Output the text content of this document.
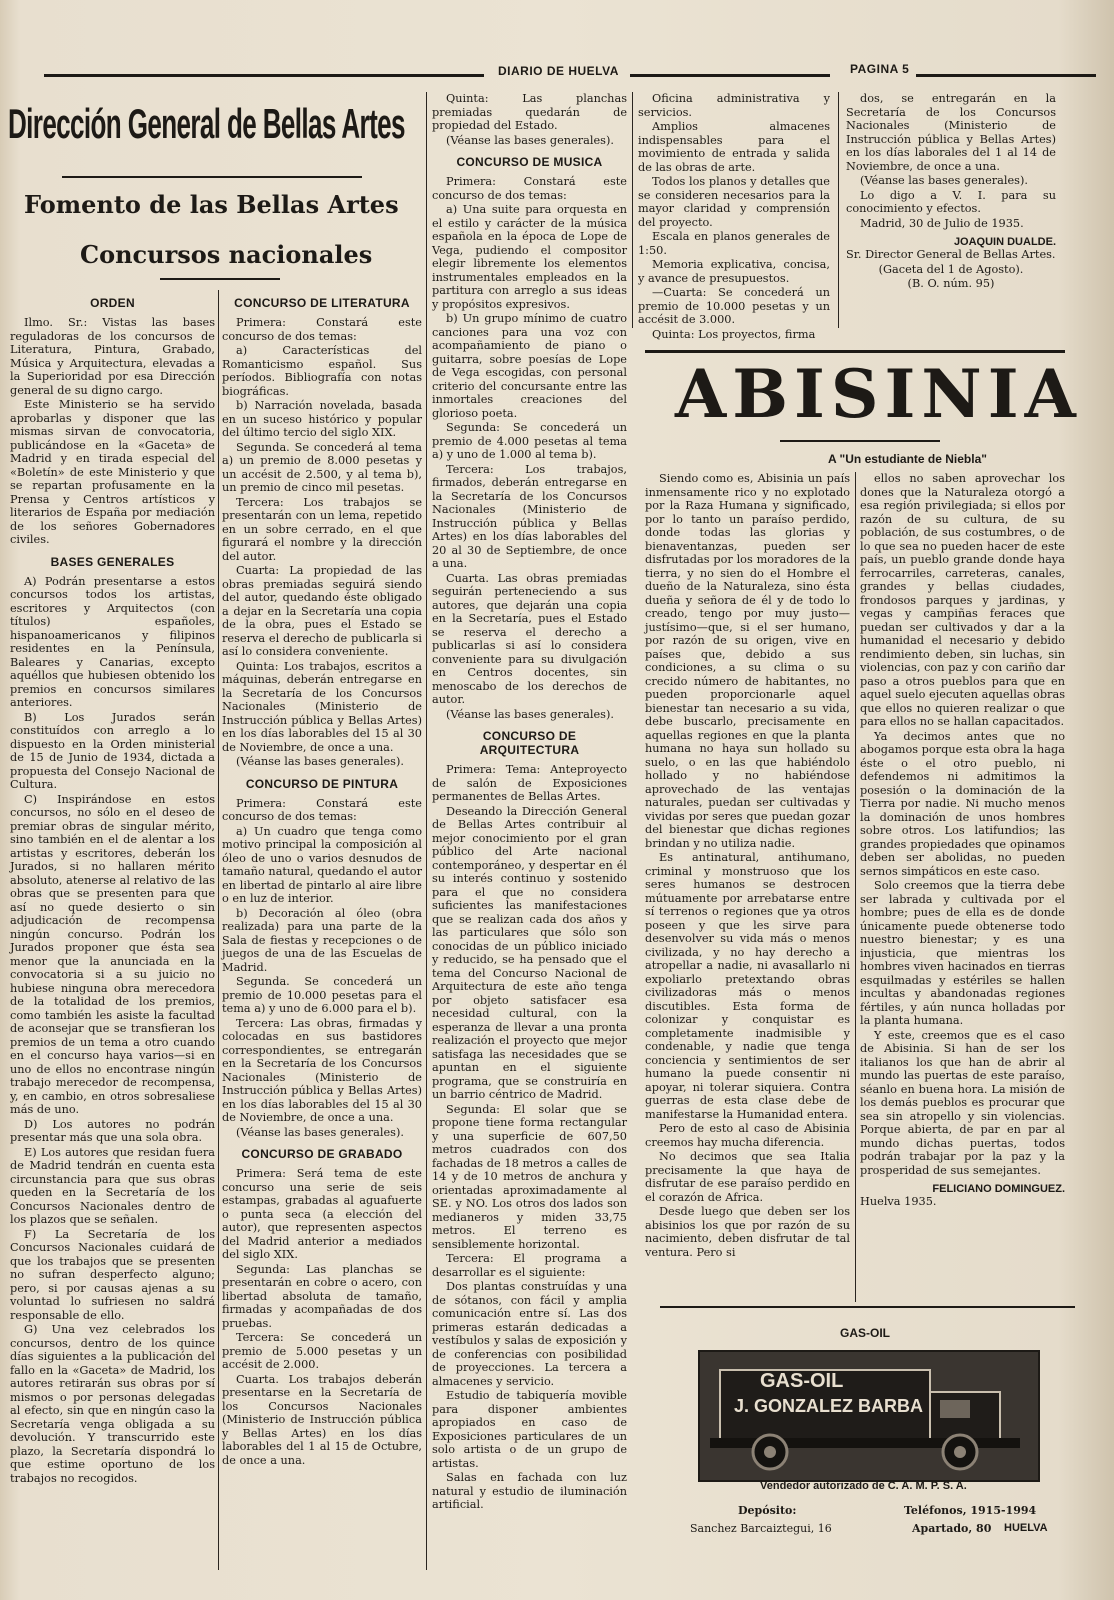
DIARIO DE HUELVA	PAGINA 5
Dirección General de Bellas Artes
Fomento de las Bellas Artes
Concursos nacionales
ORDEN

Ilmo. Sr.: Vistas las bases reguladoras de los concursos de Literatura, Pintura, Grabado, Música y Arquitectura, elevadas a la Superioridad por esa Dirección general de su digno cargo.

Este Ministerio se ha servido aprobarlas y disponer que las mismas sirvan de convocatoria, publicándose en la «Gaceta» de Madrid y en tirada especial del «Boletín» de este Ministerio y que se repartan profusamente en la Prensa y Centros artísticos y literarios de España por mediación de los señores Gobernadores civiles.

BASES GENERALES

A) Podrán presentarse a estos concursos todos los artistas, escritores y Arquitectos (con títulos) españoles, hispanoamericanos y filipinos residentes en la Península, Baleares y Canarias, excepto aquéllos que hubiesen obtenido los premios en concursos similares anteriores.

B) Los Jurados serán constituídos con arreglo a lo dispuesto en la Orden ministerial de 15 de Junio de 1934, dictada a propuesta del Consejo Nacional de Cultura.

C) Inspirándose en estos concursos, no sólo en el deseo de premiar obras de singular mérito, sino también en el de alentar a los artistas y escritores, deberán los Jurados, si no hallaren mérito absoluto, atenerse al relativo de las obras que se presenten para que así no quede desierto o sin adjudicación de recompensa ningún concurso. Podrán los Jurados proponer que ésta sea menor que la anunciada en la convocatoria si a su juicio no hubiese ninguna obra merecedora de la totalidad de los premios, como también les asiste la facultad de aconsejar que se transfieran los premios de un tema a otro cuando en el concurso haya varios—si en uno de ellos no encontrase ningún trabajo merecedor de recompensa, y, en cambio, en otros sobresaliese más de uno.

D) Los autores no podrán presentar más que una sola obra.

E) Los autores que residan fuera de Madrid tendrán en cuenta esta circunstancia para que sus obras queden en la Secretaría de los Concursos Nacionales dentro de los plazos que se señalen.

F) La Secretaría de los Concursos Nacionales cuidará de que los trabajos que se presenten no sufran desperfecto alguno; pero, si por causas ajenas a su voluntad lo sufriesen no saldrá responsable de ello.

G) Una vez celebrados los concursos, dentro de los quince días siguientes a la publicación del fallo en la «Gaceta» de Madrid, los autores retirarán sus obras por sí mismos o por personas delegadas al efecto, sin que en ningún caso la Secretaría venga obligada a su devolución. Y transcurrido este plazo, la Secretaría dispondrá lo que estime oportuno de los trabajos no recogidos.

CONCURSO DE LITERATURA

Primera: Constará este concurso de dos temas:

a) Características del Romanticismo español. Sus períodos. Bibliografía con notas biográficas.

b) Narración novelada, basada en un suceso histórico y popular del último tercio del siglo XIX.

Segunda. Se concederá al tema a) un premio de 8.000 pesetas y un accésit de 2.500, y al tema b), un premio de cinco mil pesetas.

Tercera: Los trabajos se presentarán con un lema, repetido en un sobre cerrado, en el que figurará el nombre y la dirección del autor.

Cuarta: La propiedad de las obras premiadas seguirá siendo del autor, quedando éste obligado a dejar en la Secretaría una copia de la obra, pues el Estado se reserva el derecho de publicarla si así lo considera conveniente.

Quinta: Los trabajos, escritos a máquinas, deberán entregarse en la Secretaría de los Concursos Nacionales (Ministerio de Instrucción pública y Bellas Artes) en los días laborables del 15 al 30 de Noviembre, de once a una.

(Véanse las bases generales).

CONCURSO DE PINTURA

Primera: Constará este concurso de dos temas:

a) Un cuadro que tenga como motivo principal la composición al óleo de uno o varios desnudos de tamaño natural, quedando el autor en libertad de pintarlo al aire libre o en luz de interior.

b) Decoración al óleo (obra realizada) para una parte de la Sala de fiestas y recepciones o de juegos de una de las Escuelas de Madrid.

Segunda. Se concederá un premio de 10.000 pesetas para el tema a) y uno de 6.000 para el b).

Tercera: Las obras, firmadas y colocadas en sus bastidores correspondientes, se entregarán en la Secretaría de los Concursos Nacionales (Ministerio de Instrucción pública y Bellas Artes) en los días laborables del 15 al 30 de Noviembre, de once a una.

(Véanse las bases generales).

CONCURSO DE GRABADO

Primera: Será tema de este concurso una serie de seis estampas, grabadas al aguafuerte o punta seca (a elección del autor), que representen aspectos del Madrid anterior a mediados del siglo XIX.

Segunda: Las planchas se presentarán en cobre o acero, con libertad absoluta de tamaño, firmadas y acompañadas de dos pruebas.

Tercera: Se concederá un premio de 5.000 pesetas y un accésit de 2.000.

Cuarta. Los trabajos deberán presentarse en la Secretaría de los Concursos Nacionales (Ministerio de Instrucción pública y Bellas Artes) en los días laborables del 1 al 15 de Octubre, de once a una.

Quinta: Las planchas premiadas quedarán de propiedad del Estado.

(Véanse las bases generales).

CONCURSO DE MUSICA

Primera: Constará este concurso de dos temas:

a) Una suite para orquesta en el estilo y carácter de la música española en la época de Lope de Vega, pudiendo el compositor elegir libremente los elementos instrumentales empleados en la partitura con arreglo a sus ideas y propósitos expresivos.

b) Un grupo mínimo de cuatro canciones para una voz con acompañamiento de piano o guitarra, sobre poesías de Lope de Vega escogidas, con personal criterio del concursante entre las inmortales creaciones del glorioso poeta.

Segunda: Se concederá un premio de 4.000 pesetas al tema a) y uno de 1.000 al tema b).

Tercera: Los trabajos, firmados, deberán entregarse en la Secretaría de los Concursos Nacionales (Ministerio de Instrucción pública y Bellas Artes) en los días laborables del 20 al 30 de Septiembre, de once a una.

Cuarta. Las obras premiadas seguirán perteneciendo a sus autores, que dejarán una copia en la Secretaría, pues el Estado se reserva el derecho a publicarlas si así lo considera conveniente para su divulgación en Centros docentes, sin menoscabo de los derechos de autor.

(Véanse las bases generales).

CONCURSO DE ARQUITECTURA

Primera: Tema: Anteproyecto de salón de Exposiciones permanentes de Bellas Artes.

Deseando la Dirección General de Bellas Artes contribuir al mejor conocimiento por el gran público del Arte nacional contemporáneo, y despertar en él su interés continuo y sostenido para el que no considera suficientes las manifestaciones que se realizan cada dos años y las particulares que sólo son conocidas de un público iniciado y reducido, se ha pensado que el tema del Concurso Nacional de Arquitectura de este año tenga por objeto satisfacer esa necesidad cultural, con la esperanza de llevar a una pronta realización el proyecto que mejor satisfaga las necesidades que se apuntan en el siguiente programa, que se construiría en un barrio céntrico de Madrid.

Segunda: El solar que se propone tiene forma rectangular y una superficie de 607,50 metros cuadrados con dos fachadas de 18 metros a calles de 14 y de 10 metros de anchura y orientadas aproximadamente al SE. y NO. Los otros dos lados son medianeros y miden 33,75 metros. El terreno es sensiblemente horizontal.

Tercera: El programa a desarrollar es el siguiente:

Dos plantas construídas y una de sótanos, con fácil y amplia comunicación entre sí. Las dos primeras estarán dedicadas a vestíbulos y salas de exposición y de conferencias con posibilidad de proyecciones. La tercera a almacenes y servicio.

Estudio de tabiquería movible para disponer ambientes apropiados en caso de Exposiciones particulares de un solo artista o de un grupo de artistas.

Salas en fachada con luz natural y estudio de iluminación artificial.

Oficina administrativa y servicios.

Amplios almacenes indispensables para el movimiento de entrada y salida de las obras de arte.

Todos los planos y detalles que se consideren necesarios para la mayor claridad y comprensión del proyecto.

Escala en planos generales de 1:50.

Memoria explicativa, concisa, y avance de presupuestos.

—Cuarta: Se concederá un premio de 10.000 pesetas y un accésit de 3.000.

Quinta: Los proyectos, firma

dos, se entregarán en la Secretaría de los Concursos Nacionales (Ministerio de Instrucción pública y Bellas Artes) en los días laborales del 1 al 14 de Noviembre, de once a una.

(Véanse las bases generales).

Lo digo a V. I. para su conocimiento y efectos.

Madrid, 30 de Julio de 1935.

JOAQUIN DUALDE.

Sr. Director General de Bellas Artes.

(Gaceta del 1 de Agosto).

(B. O. núm. 95)

ABISINIA
A "Un estudiante de Niebla"

Siendo como es, Abisinia un país inmensamente rico y no explotado por la Raza Humana y significado, por lo tanto un paraíso perdido, donde todas las glorias y bienaventanzas, pueden ser disfrutadas por los moradores de la tierra, y no sien do el Hombre el dueño de la Naturaleza, sino ésta dueña y señora de él y de todo lo creado, tengo por muy justo—justísimo—que, si el ser humano, por razón de su origen, vive en países que, debido a sus condiciones, a su clima o su crecido número de habitantes, no pueden proporcionarle aquel bienestar tan necesario a su vida, debe buscarlo, precisamente en aquellas regiones en que la planta humana no haya sun hollado su suelo, o en las que habiéndolo hollado y no habiéndose aprovechado de las ventajas naturales, puedan ser cultivadas y vividas por seres que puedan gozar del bienestar que dichas regiones brindan y no utiliza nadie.

Es antinatural, antihumano, criminal y monstruoso que los seres humanos se destrocen mútuamente por arrebatarse entre sí terrenos o regiones que ya otros poseen y que les sirve para desenvolver su vida más o menos civilizada, y no hay derecho a atropellar a nadie, ni avasallarlo ni expoliarlo pretextando obras civilizadoras más o menos discutibles. Esta forma de colonizar y conquistar es completamente inadmisible y condenable, y nadie que tenga conciencia y sentimientos de ser humano la puede consentir ni apoyar, ni tolerar siquiera. Contra guerras de esta clase debe de manifestarse la Humanidad entera.

Pero de esto al caso de Abisinia creemos hay mucha diferencia.

No decimos que sea Italia precisamente la que haya de disfrutar de ese paraíso perdido en el corazón de Africa.

Desde luego que deben ser los abisinios los que por razón de su nacimiento, deben disfrutar de tal ventura. Pero si

ellos no saben aprovechar los dones que la Naturaleza otorgó a esa región privilegiada; si ellos por razón de su cultura, de su población, de sus costumbres, o de lo que sea no pueden hacer de este país, un pueblo grande donde haya ferrocarriles, carreteras, canales, grandes y bellas ciudades, frondosos parques y jardinas, y vegas y campiñas feraces que puedan ser cultivados y dar a la humanidad el necesario y debido rendimiento deben, sin luchas, sin violencias, con paz y con cariño dar paso a otros pueblos para que en aquel suelo ejecuten aquellas obras que ellos no quieren realizar o que para ellos no se hallan capacitados.

Ya decimos antes que no abogamos porque esta obra la haga éste o el otro pueblo, ni defendemos ni admitimos la posesión o la dominación de la Tierra por nadie. Ni mucho menos la dominación de unos hombres sobre otros. Los latifundios; las grandes propiedades que opinamos deben ser abolidas, no pueden sernos simpáticos en este caso.

Solo creemos que la tierra debe ser labrada y cultivada por el hombre; pues de ella es de donde únicamente puede obtenerse todo nuestro bienestar; y es una injusticia, que mientras los hombres viven hacinados en tierras esquilmadas y estériles se hallen incultas y abandonadas regiones fértiles, y aún nunca holladas por la planta humana.

Y este, creemos que es el caso de Abisinia. Si han de ser los italianos los que han de abrir al mundo las puertas de este paraíso, séanlo en buena hora. La misión de los demás pueblos es procurar que sea sin atropello y sin violencias. Porque abierta, de par en par al mundo dichas puertas, todos podrán trabajar por la paz y la prosperidad de sus semejantes.

FELICIANO DOMINGUEZ.

Huelva 1935.

GAS-OIL
GAS-OIL
J. GONZALEZ BARBA
Vendedor autorizado de C. A. M. P. S. A.
Depósito:
Sanchez Barcaiztegui, 16
Teléfonos, 1915-1994
Apartado, 80 HUELVA
